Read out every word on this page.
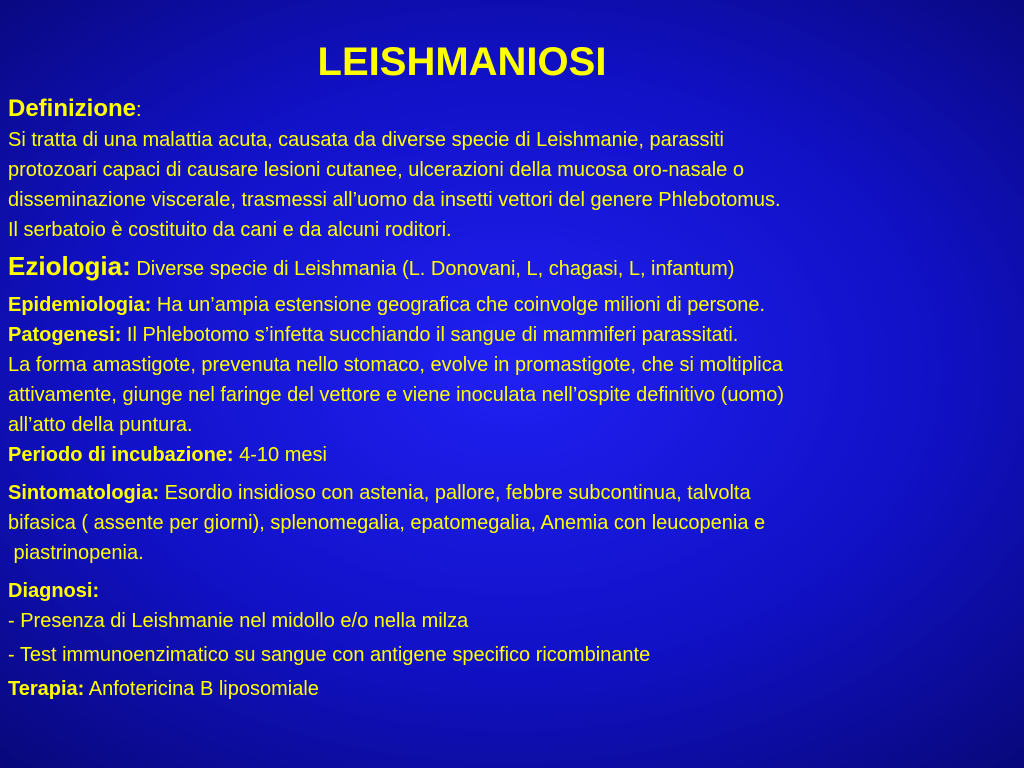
LEISHMANIOSI
Definizione:
Si tratta di una malattia acuta, causata da diverse specie di Leishmanie, parassiti
protozoari capaci di causare lesioni cutanee, ulcerazioni della mucosa oro-nasale o
disseminazione viscerale, trasmessi all’uomo da insetti vettori del genere Phlebotomus.
Il serbatoio è costituito da cani e da alcuni roditori.
Eziologia: Diverse specie di Leishmania (L. Donovani, L, chagasi, L, infantum)
Epidemiologia: Ha un’ampia estensione geografica che coinvolge milioni di persone.
Patogenesi: Il Phlebotomo s’infetta succhiando il sangue di mammiferi parassitati.
La forma amastigote, prevenuta nello stomaco, evolve in promastigote, che si moltiplica
attivamente, giunge nel faringe del vettore e viene inoculata nell’ospite definitivo (uomo)
all’atto della puntura.
Periodo di incubazione: 4-10 mesi
Sintomatologia: Esordio insidioso con astenia, pallore, febbre subcontinua, talvolta
bifasica ( assente per giorni), splenomegalia, epatomegalia, Anemia con leucopenia e
piastrinopenia.
Diagnosi:
- Presenza di Leishmanie nel midollo e/o nella milza
- Test immunoenzimatico su sangue con antigene specifico ricombinante
Terapia: Anfotericina B liposomiale
